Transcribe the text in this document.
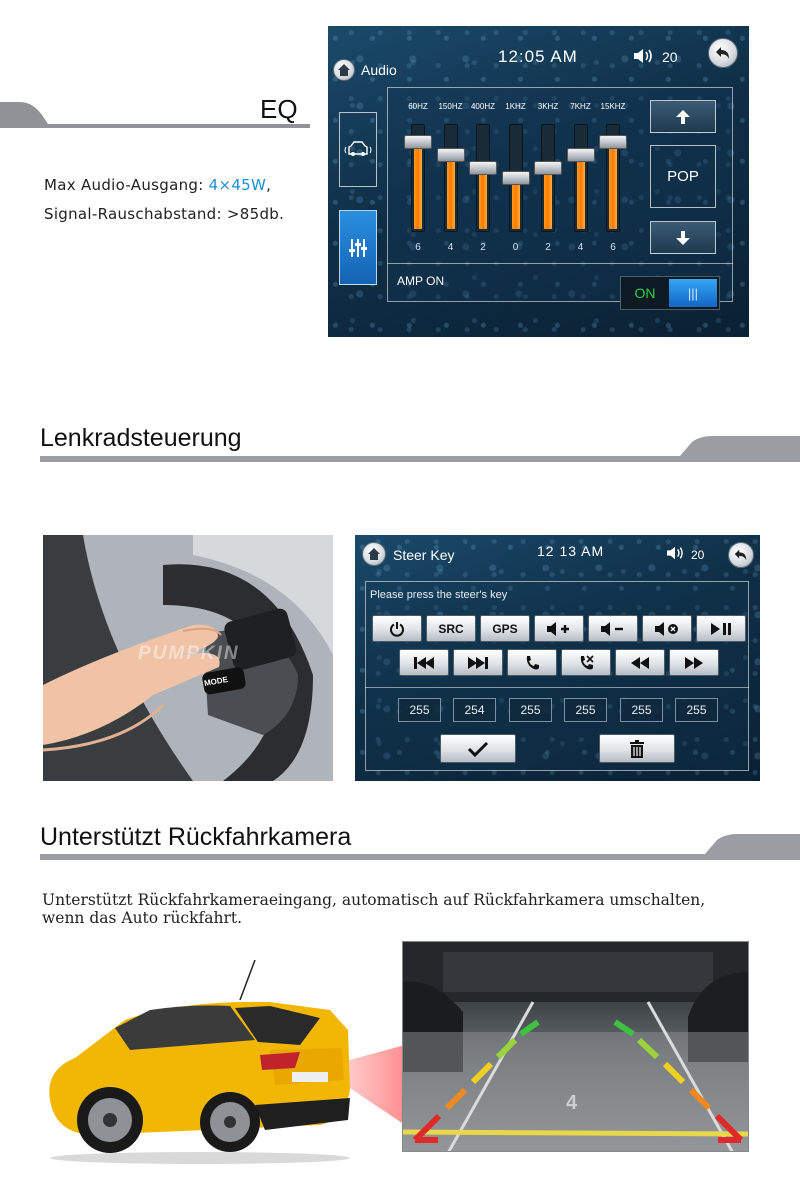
EQ
Max Audio-Ausgang: 4×45W,
Signal-Rauschabstand: >85db.
Audio
12:05 AM	20
POP
AMP ON
ON	|||
60HZ
6
150HZ
4
400HZ
2
1KHZ
0
3KHZ
2
7KHZ
4
15KHZ
6
Lenkradsteuerung
MODE
PUMPKIN
Steer Key	12 13 AM	20
Please press the steer's key
SRC	GPS
255	254	255	255	255	255
Unterstützt Rückfahrkamera
Unterstützt Rückfahrkameraeingang, automatisch auf Rückfahrkamera umschalten,
wenn das Auto rückfahrt.
4
